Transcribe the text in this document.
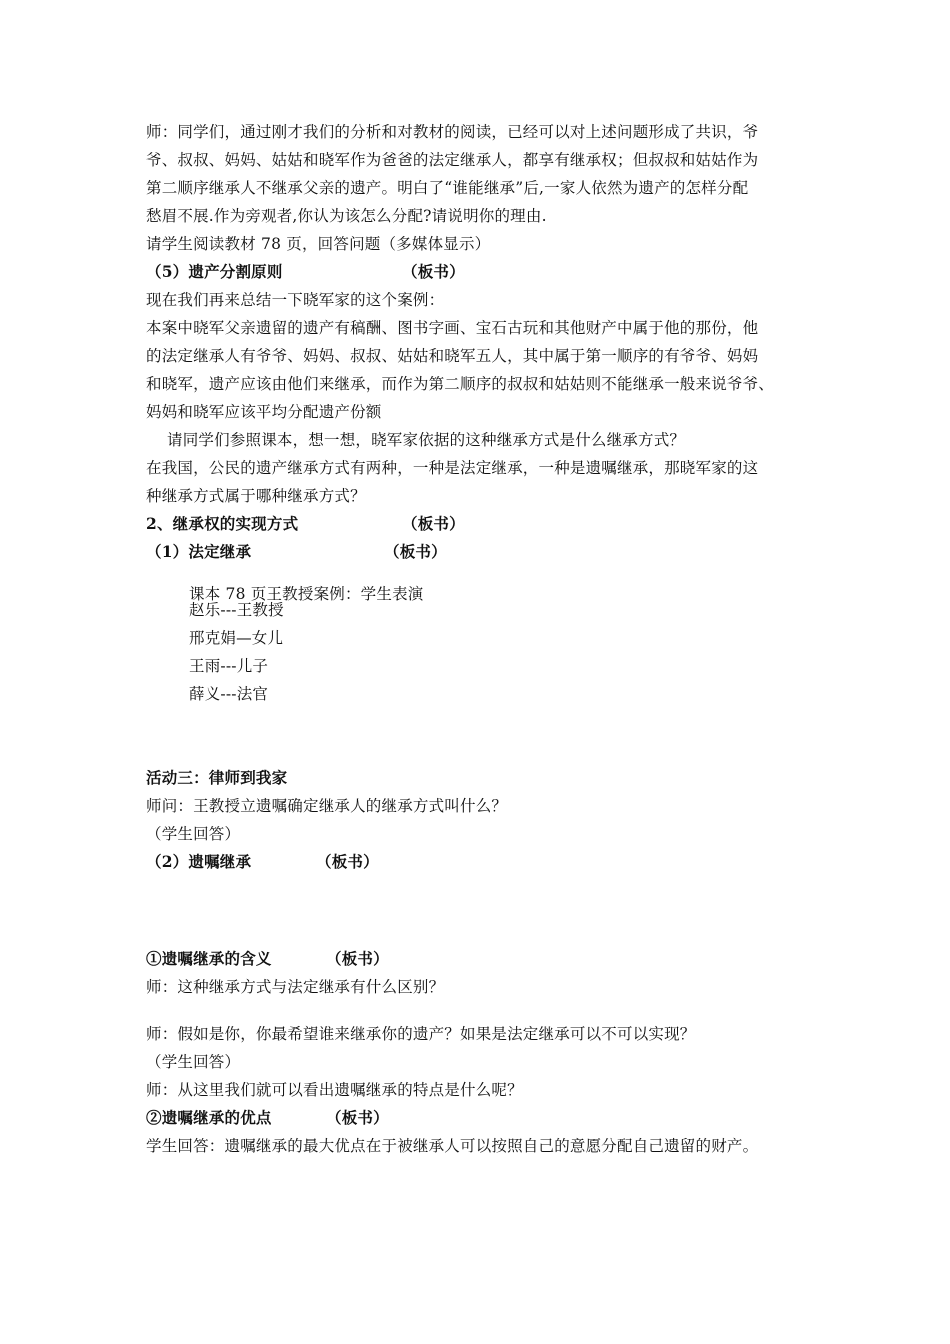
师：同学们，通过刚才我们的分析和对教材的阅读，已经可以对上述问题形成了共识，爷
爷、叔叔、妈妈、姑姑和晓军作为爸爸的法定继承人，都享有继承权；但叔叔和姑姑作为
第二顺序继承人不继承父亲的遗产。明白了“谁能继承”后,一家人依然为遗产的怎样分配
愁眉不展.作为旁观者,你认为该怎么分配?请说明你的理由.
请学生阅读教材 78 页，回答问题（多媒体显示）
（5）遗产分割原则	（板书）
现在我们再来总结一下晓军家的这个案例：
本案中晓军父亲遗留的遗产有稿酬、图书字画、宝石古玩和其他财产中属于他的那份，他
的法定继承人有爷爷、妈妈、叔叔、姑姑和晓军五人，其中属于第一顺序的有爷爷、妈妈
和晓军，遗产应该由他们来继承，而作为第二顺序的叔叔和姑姑则不能继承一般来说爷爷、
妈妈和晓军应该平均分配遗产份额
请同学们参照课本，想一想，晓军家依据的这种继承方式是什么继承方式？
在我国，公民的遗产继承方式有两种，一种是法定继承，一种是遗嘱继承，那晓军家的这
种继承方式属于哪种继承方式？
2、继承权的实现方式	（板书）
（1）法定继承	（板书）
课本 78 页王教授案例：学生表演
赵乐---王教授
邢克娟—女儿
王雨---儿子
薛义---法官
活动三：律师到我家
师问：王教授立遗嘱确定继承人的继承方式叫什么？
（学生回答）
（2）遗嘱继承	（板书）
①遗嘱继承的含义	（板书）
师：这种继承方式与法定继承有什么区别？
师：假如是你，你最希望谁来继承你的遗产？如果是法定继承可以不可以实现？
（学生回答）
师：从这里我们就可以看出遗嘱继承的特点是什么呢？
②遗嘱继承的优点	（板书）
学生回答：遗嘱继承的最大优点在于被继承人可以按照自己的意愿分配自己遗留的财产。
